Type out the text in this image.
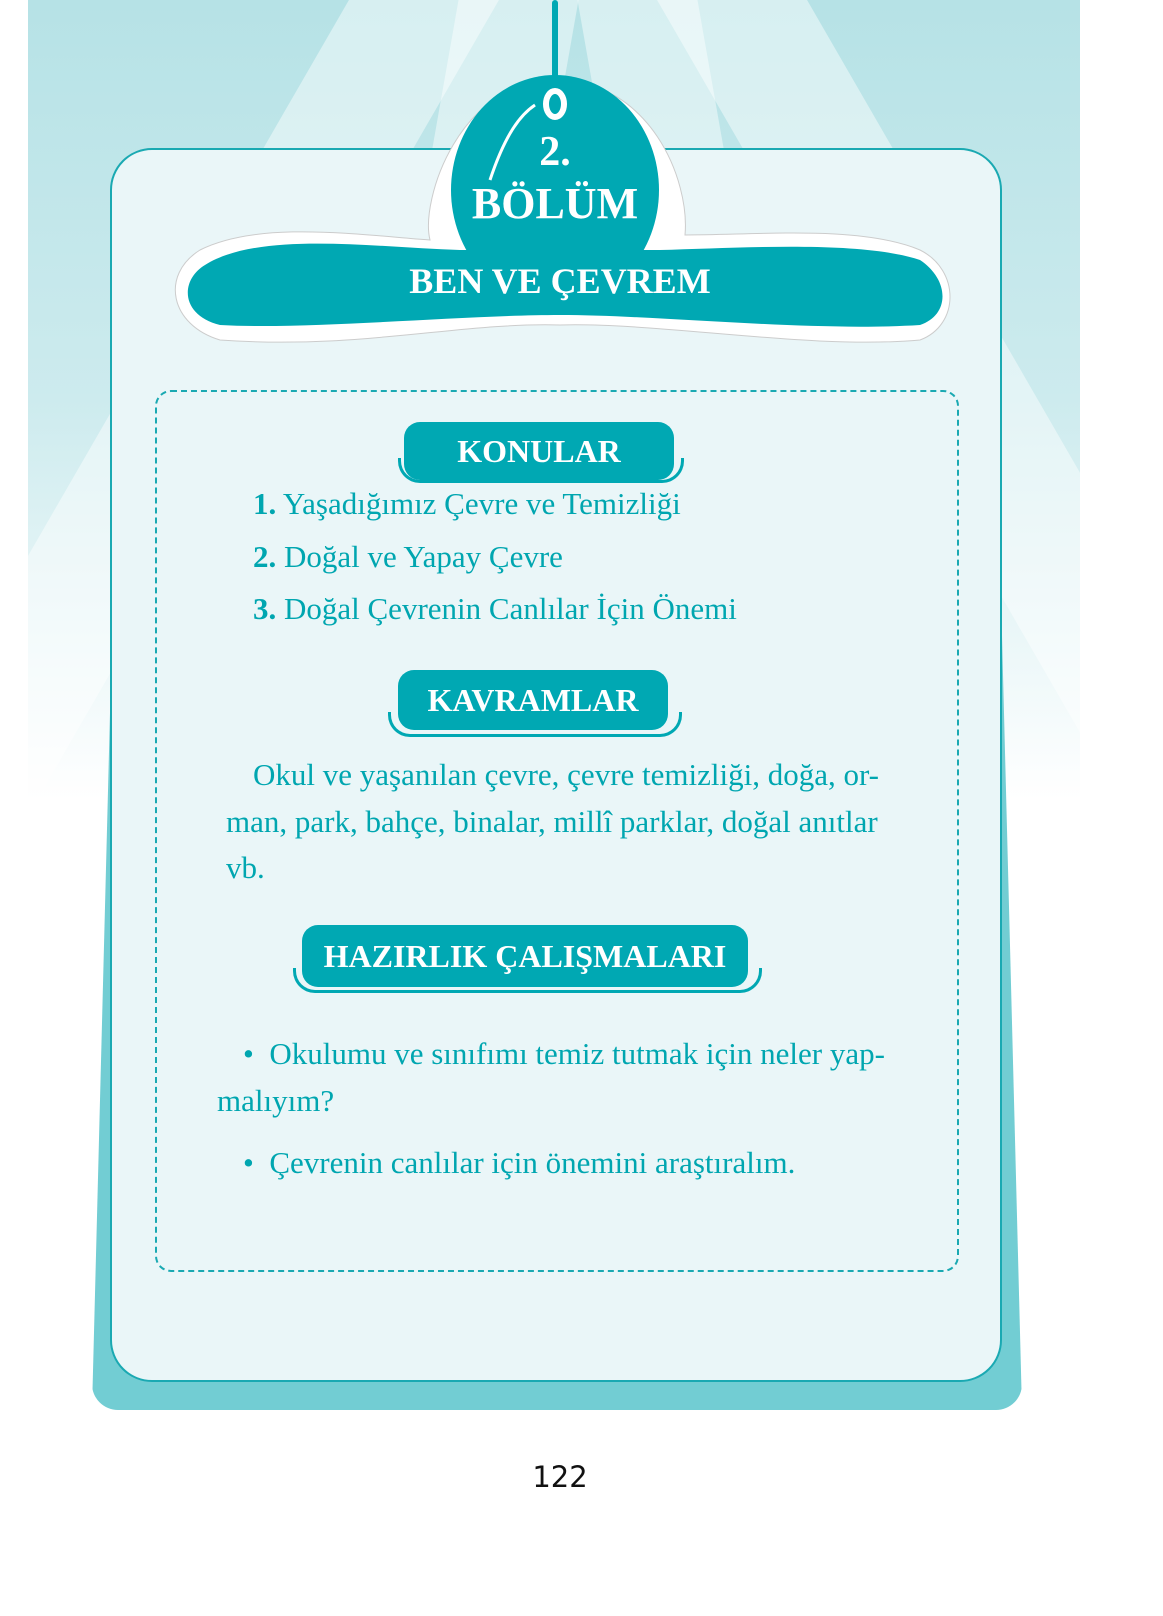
2.
BÖLÜM
BEN VE ÇEVREM
KONULAR
1. Yaşadığımız Çevre ve Temizliği
2. Doğal ve Yapay Çevre
3. Doğal Çevrenin Canlılar İçin Önemi
KAVRAMLAR
Okul ve yaşanılan çevre, çevre temizliği, doğa, or-
man, park, bahçe, binalar, millî parklar, doğal anıtlar
vb.
HAZIRLIK ÇALIŞMALARI
• Okulumu ve sınıfımı temiz tutmak için neler yap-
malıyım?
• Çevrenin canlılar için önemini araştıralım.
122
